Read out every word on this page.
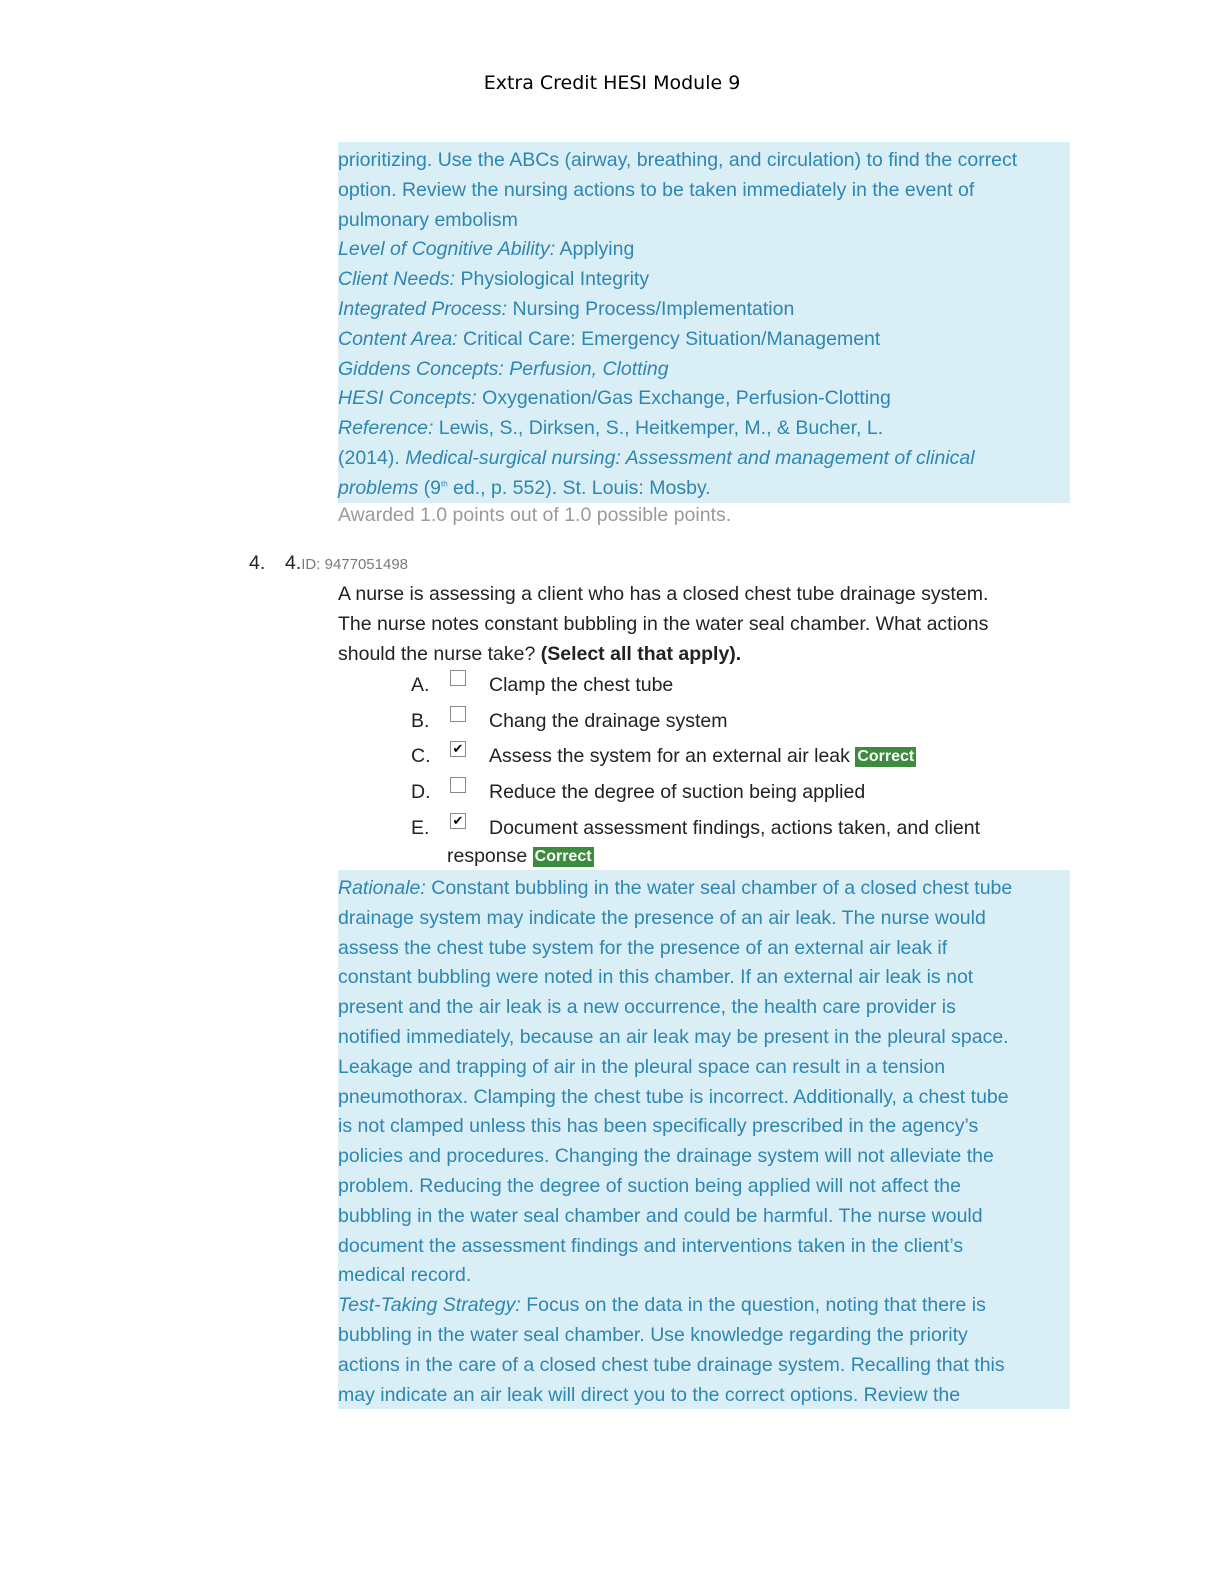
Extra Credit HESI Module 9
prioritizing. Use the ABCs (airway, breathing, and circulation) to find the correct
option. Review the nursing actions to be taken immediately in the event of
pulmonary embolism
Level of Cognitive Ability: Applying
Client Needs: Physiological Integrity
Integrated Process: Nursing Process/Implementation
Content Area: Critical Care: Emergency Situation/Management
Giddens Concepts: Perfusion, Clotting
HESI Concepts: Oxygenation/Gas Exchange, Perfusion-Clotting
Reference: Lewis, S., Dirksen, S., Heitkemper, M., & Bucher, L.
(2014). Medical-surgical nursing: Assessment and management of clinical
problems (9th ed., p. 552). St. Louis: Mosby.
Awarded 1.0 points out of 1.0 possible points.
4. 4.ID: 9477051498
A nurse is assessing a client who has a closed chest tube drainage system.
The nurse notes constant bubbling in the water seal chamber. What actions
should the nurse take? (Select all that apply).
A.	Clamp the chest tube
B.	Chang the drainage system
C. ✔ Assess the system for an external air leak Correct
D.	Reduce the degree of suction being applied
E. ✔ Document assessment findings, actions taken, and client
response Correct
Rationale: Constant bubbling in the water seal chamber of a closed chest tube
drainage system may indicate the presence of an air leak. The nurse would
assess the chest tube system for the presence of an external air leak if
constant bubbling were noted in this chamber. If an external air leak is not
present and the air leak is a new occurrence, the health care provider is
notified immediately, because an air leak may be present in the pleural space.
Leakage and trapping of air in the pleural space can result in a tension
pneumothorax. Clamping the chest tube is incorrect. Additionally, a chest tube
is not clamped unless this has been specifically prescribed in the agency’s
policies and procedures. Changing the drainage system will not alleviate the
problem. Reducing the degree of suction being applied will not affect the
bubbling in the water seal chamber and could be harmful. The nurse would
document the assessment findings and interventions taken in the client’s
medical record.
Test-Taking Strategy: Focus on the data in the question, noting that there is
bubbling in the water seal chamber. Use knowledge regarding the priority
actions in the care of a closed chest tube drainage system. Recalling that this
may indicate an air leak will direct you to the correct options. Review the
